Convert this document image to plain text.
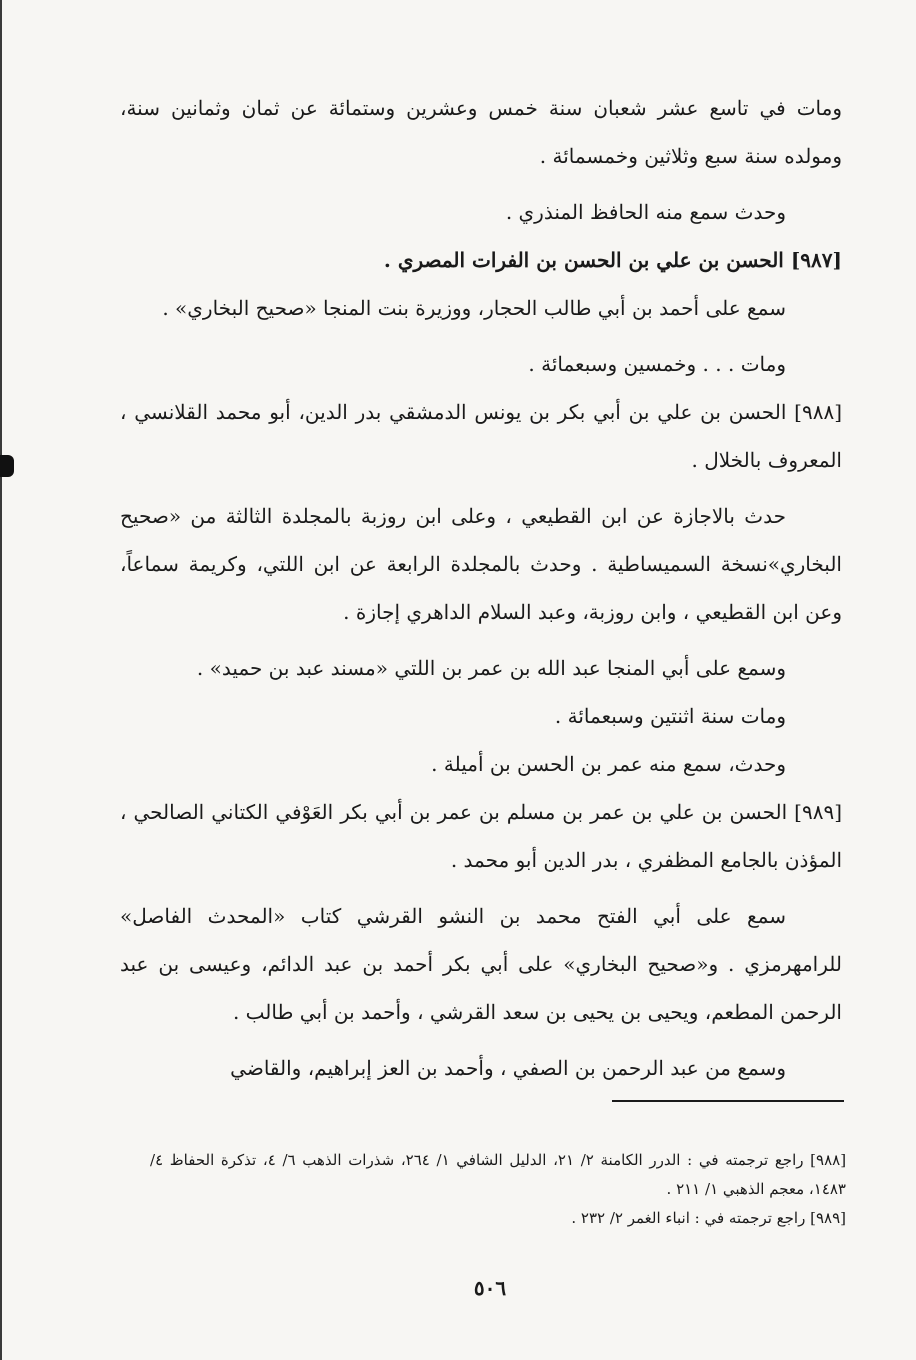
ومات في تاسع عشر شعبان سنة خمس وعشرين وستمائة عن ثمان وثمانين سنة، ومولده سنة سبع وثلاثين وخمسمائة .

وحدث سمع منه الحافظ المنذري .

[٩٨٧] الحسن بن علي بن الحسن بن الفرات المصري .

سمع على أحمد بن أبي طالب الحجار، ووزيرة بنت المنجا «صحيح البخاري» .

ومات . . . وخمسين وسبعمائة .

[٩٨٨] الحسن بن علي بن أبي بكر بن يونس الدمشقي بدر الدين، أبو محمد القلانسي ، المعروف بالخلال .

حدث بالاجازة عن ابن القطيعي ، وعلى ابن روزبة بالمجلدة الثالثة من «صحيح البخاري»نسخة السميساطية . وحدث بالمجلدة الرابعة عن ابن اللتي، وكريمة سماعاً، وعن ابن القطيعي ، وابن روزبة، وعبد السلام الداهري إجازة .

وسمع على أبي المنجا عبد الله بن عمر بن اللتي «مسند عبد بن حميد» .

ومات سنة اثنتين وسبعمائة .

وحدث، سمع منه عمر بن الحسن بن أميلة .

[٩٨٩] الحسن بن علي بن عمر بن مسلم بن عمر بن أبي بكر العَوْفي الكتاني الصالحي ، المؤذن بالجامع المظفري ، بدر الدين أبو محمد .

سمع على أبي الفتح محمد بن النشو القرشي كتاب «المحدث الفاصل» للرامهرمزي . و«صحيح البخاري» على أبي بكر أحمد بن عبد الدائم، وعيسى بن عبد الرحمن المطعم، ويحيى بن يحيى بن سعد القرشي ، وأحمد بن أبي طالب .

وسمع من عبد الرحمن بن الصفي ، وأحمد بن العز إبراهيم، والقاضي

[٩٨٨] راجع ترجمته في : الدرر الكامنة ٢/ ٢١، الدليل الشافي ١/ ٢٦٤، شذرات الذهب ٦/ ٤، تذكرة الحفاظ ٤/ ١٤٨٣، معجم الذهبي ١/ ٢١١ .

[٩٨٩] راجع ترجمته في : انباء الغمر ٢/ ٢٣٢ .

٥٠٦
